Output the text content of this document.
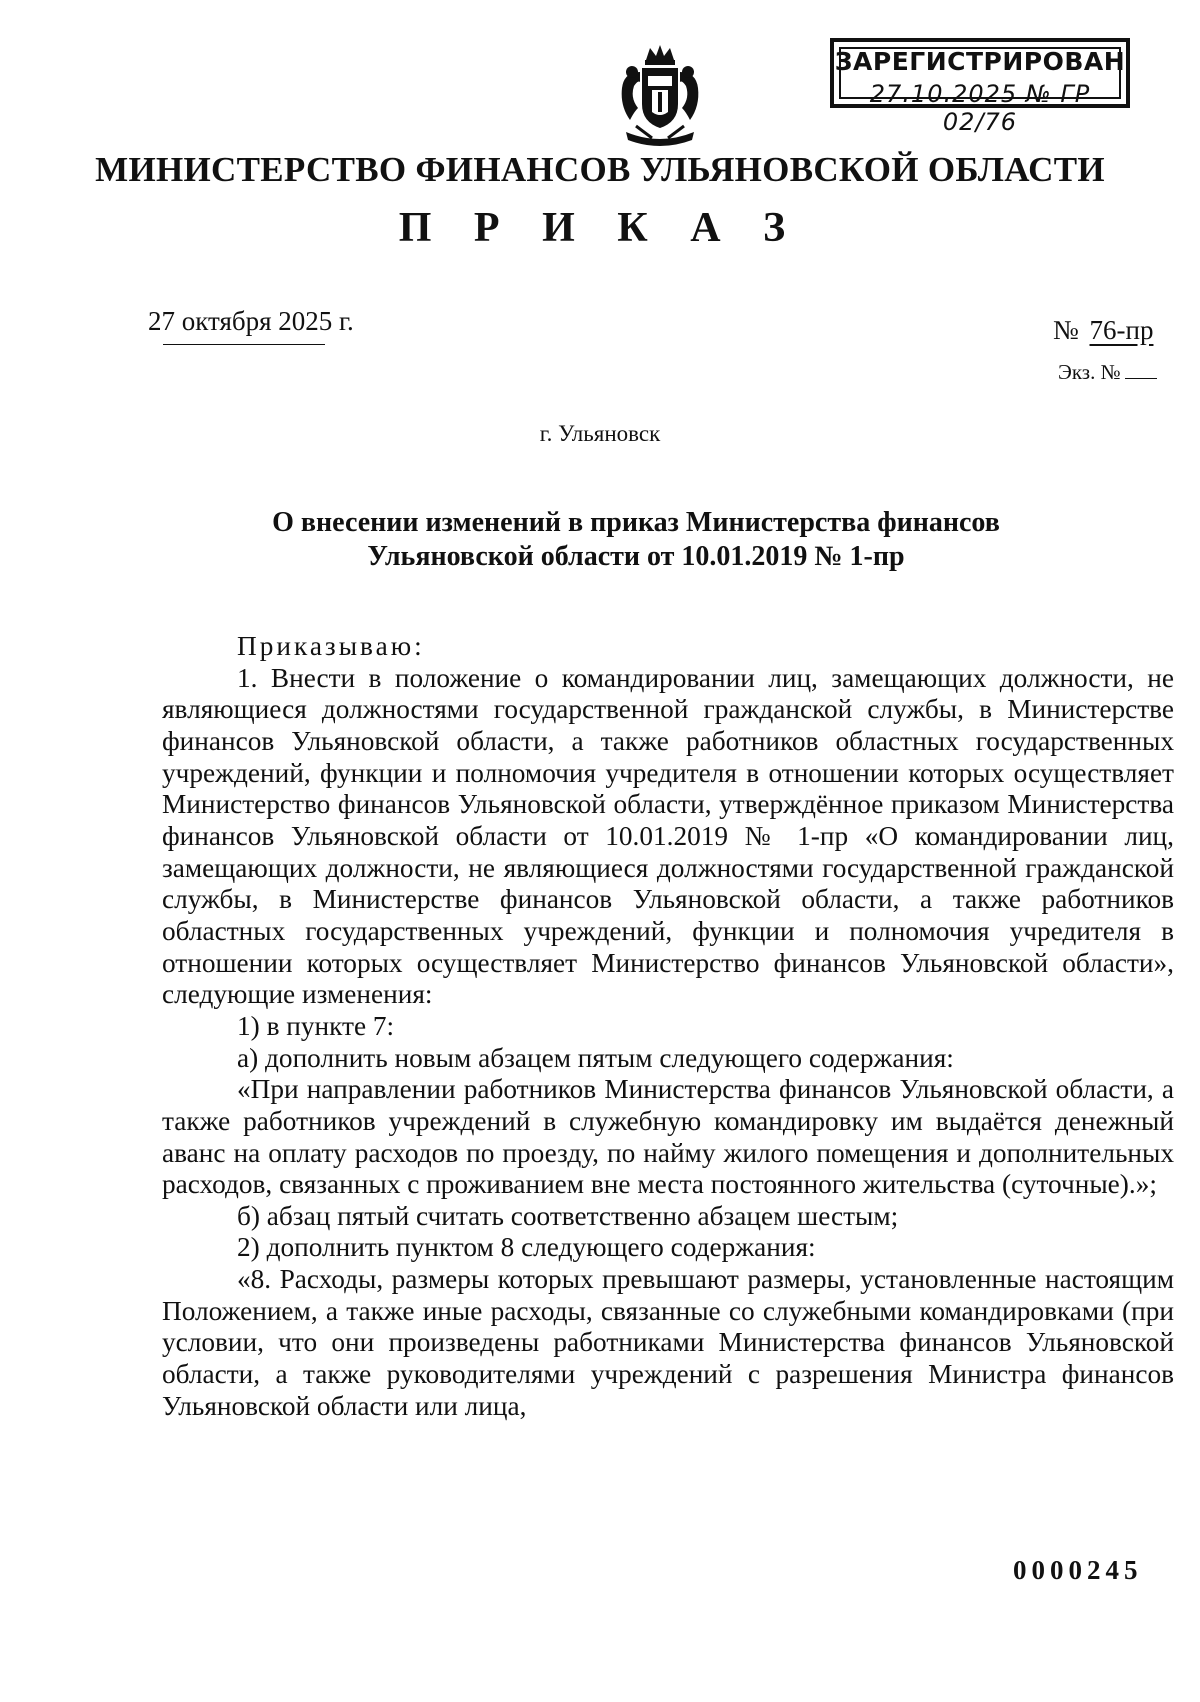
ЗАРЕГИСТРИРОВАН
27.10.2025 № ГР 02/76
МИНИСТЕРСТВО ФИНАНСОВ УЛЬЯНОВСКОЙ ОБЛАСТИ
П Р И К А З
27 октября 2025 г.	№ 76-пр
Экз. №
г. Ульяновск
О внесении изменений в приказ Министерства финансов
Ульяновской области от 10.01.2019 № 1-пр

Приказываю:

1. Внести в положение о командировании лиц, замещающих должности, не являющиеся должностями государственной гражданской службы, в Министерстве финансов Ульяновской области, а также работников областных государственных учреждений, функции и полномочия учредителя в отношении которых осуществляет Министерство финансов Ульяновской области, утверждённое приказом Министерства финансов Ульяновской области от 10.01.2019 № 1-пр «О командировании лиц, замещающих должности, не являющиеся должностями государственной гражданской службы, в Министерстве финансов Ульяновской области, а также работников областных государственных учреждений, функции и полномочия учредителя в отношении которых осуществляет Министерство финансов Ульяновской области», следующие изменения:

1) в пункте 7:

а) дополнить новым абзацем пятым следующего содержания:

«При направлении работников Министерства финансов Ульяновской области, а также работников учреждений в служебную командировку им выдаётся денежный аванс на оплату расходов по проезду, по найму жилого помещения и дополнительных расходов, связанных с проживанием вне места постоянного жительства (суточные).»;

б) абзац пятый считать соответственно абзацем шестым;

2) дополнить пунктом 8 следующего содержания:

«8. Расходы, размеры которых превышают размеры, установленные настоящим Положением, а также иные расходы, связанные со служебными командировками (при условии, что они произведены работниками Министерства финансов Ульяновской области, а также руководителями учреждений с разрешения Министра финансов Ульяновской области или лица,

0000245
